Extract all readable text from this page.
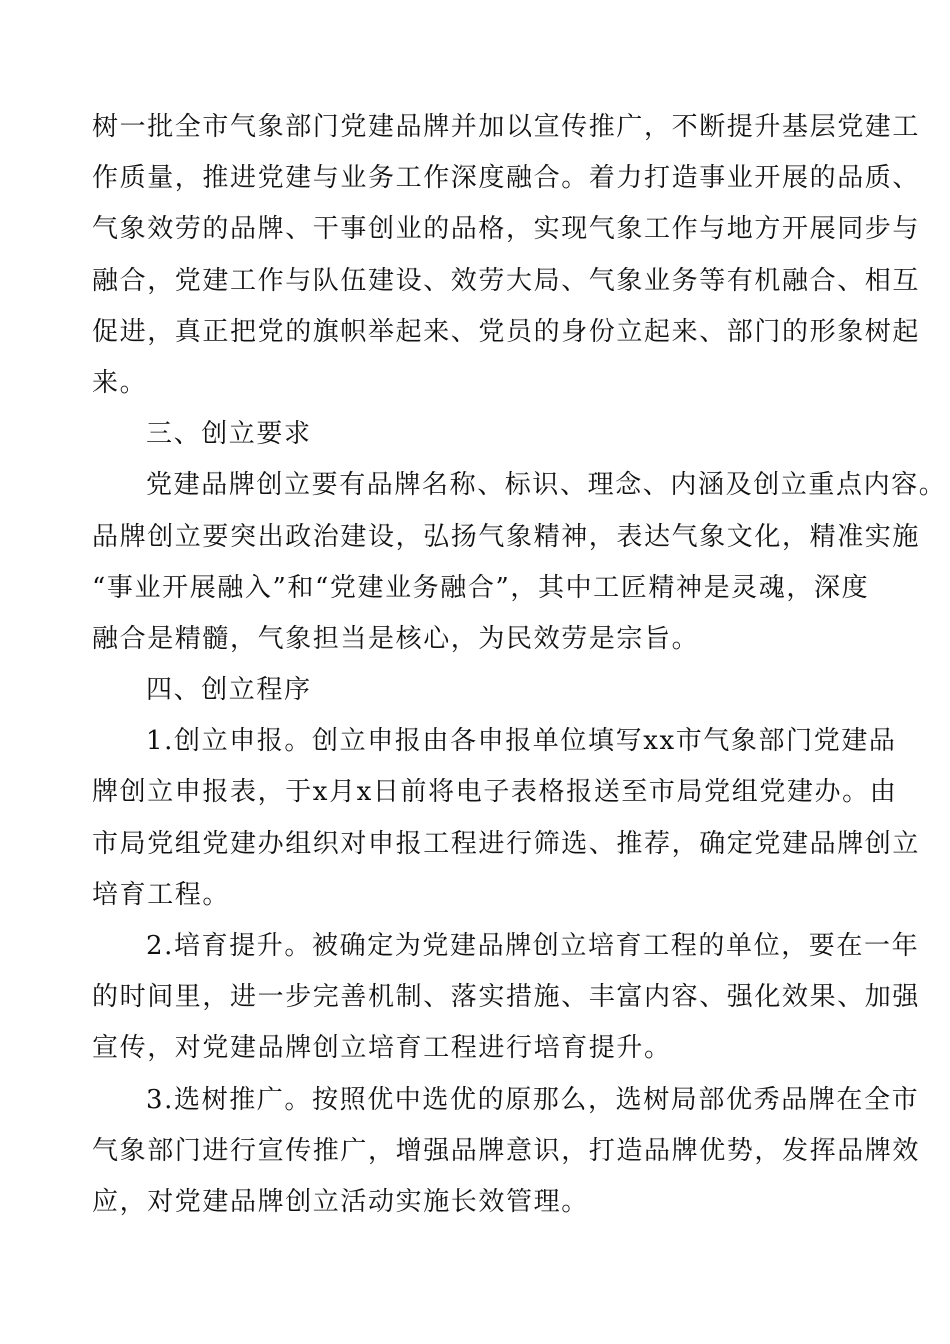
树一批全市气象部门党建品牌并加以宣传推广，不断提升基层党建工
作质量，推进党建与业务工作深度融合。着力打造事业开展的品质、
气象效劳的品牌、干事创业的品格，实现气象工作与地方开展同步与
融合，党建工作与队伍建设、效劳大局、气象业务等有机融合、相互
促进，真正把党的旗帜举起来、党员的身份立起来、部门的形象树起
来。
三、创立要求
党建品牌创立要有品牌名称、标识、理念、内涵及创立重点内容。
品牌创立要突出政治建设，弘扬气象精神，表达气象文化，精准实施
“事业开展融入”和“党建业务融合”，其中工匠精神是灵魂，深度
融合是精髓，气象担当是核心，为民效劳是宗旨。
四、创立程序
1.创立申报。创立申报由各申报单位填写xx市气象部门党建品
牌创立申报表，于x月x日前将电子表格报送至市局党组党建办。由
市局党组党建办组织对申报工程进行筛选、推荐，确定党建品牌创立
培育工程。
2.培育提升。被确定为党建品牌创立培育工程的单位，要在一年
的时间里，进一步完善机制、落实措施、丰富内容、强化效果、加强
宣传，对党建品牌创立培育工程进行培育提升。
3.选树推广。按照优中选优的原那么，选树局部优秀品牌在全市
气象部门进行宣传推广，增强品牌意识，打造品牌优势，发挥品牌效
应，对党建品牌创立活动实施长效管理。
